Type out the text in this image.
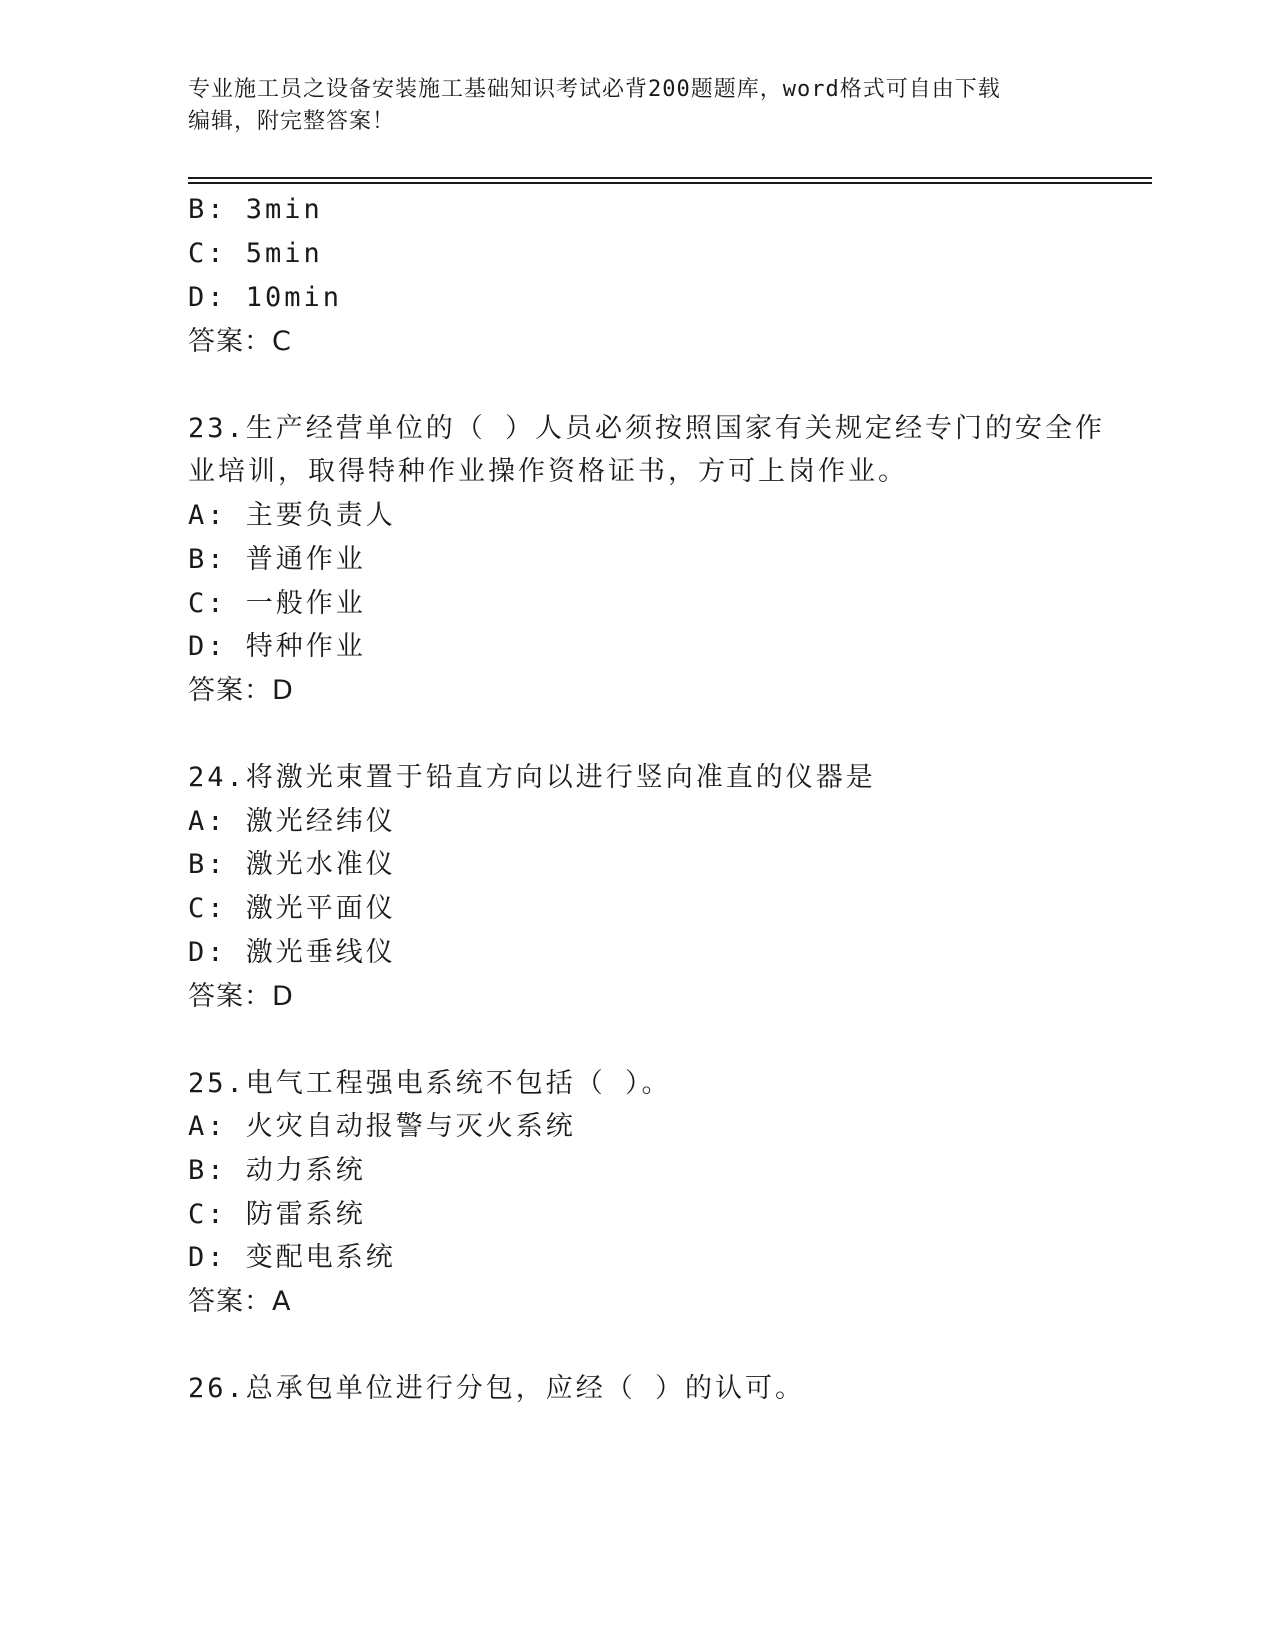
专业施工员之设备安装施工基础知识考试必背200题题库，word格式可自由下载
编辑，附完整答案！
B: 3min
C: 5min
D: 10min
答案：C
23.生产经营单位的（ ）人员必须按照国家有关规定经专门的安全作
业培训，取得特种作业操作资格证书，方可上岗作业。
A: 主要负责人
B: 普通作业
C: 一般作业
D: 特种作业
答案：D
24.将激光束置于铅直方向以进行竖向准直的仪器是
A: 激光经纬仪
B: 激光水准仪
C: 激光平面仪
D: 激光垂线仪
答案：D
25.电气工程强电系统不包括（ ）。
A: 火灾自动报警与灭火系统
B: 动力系统
C: 防雷系统
D: 变配电系统
答案：A
26.总承包单位进行分包，应经（ ）的认可。
